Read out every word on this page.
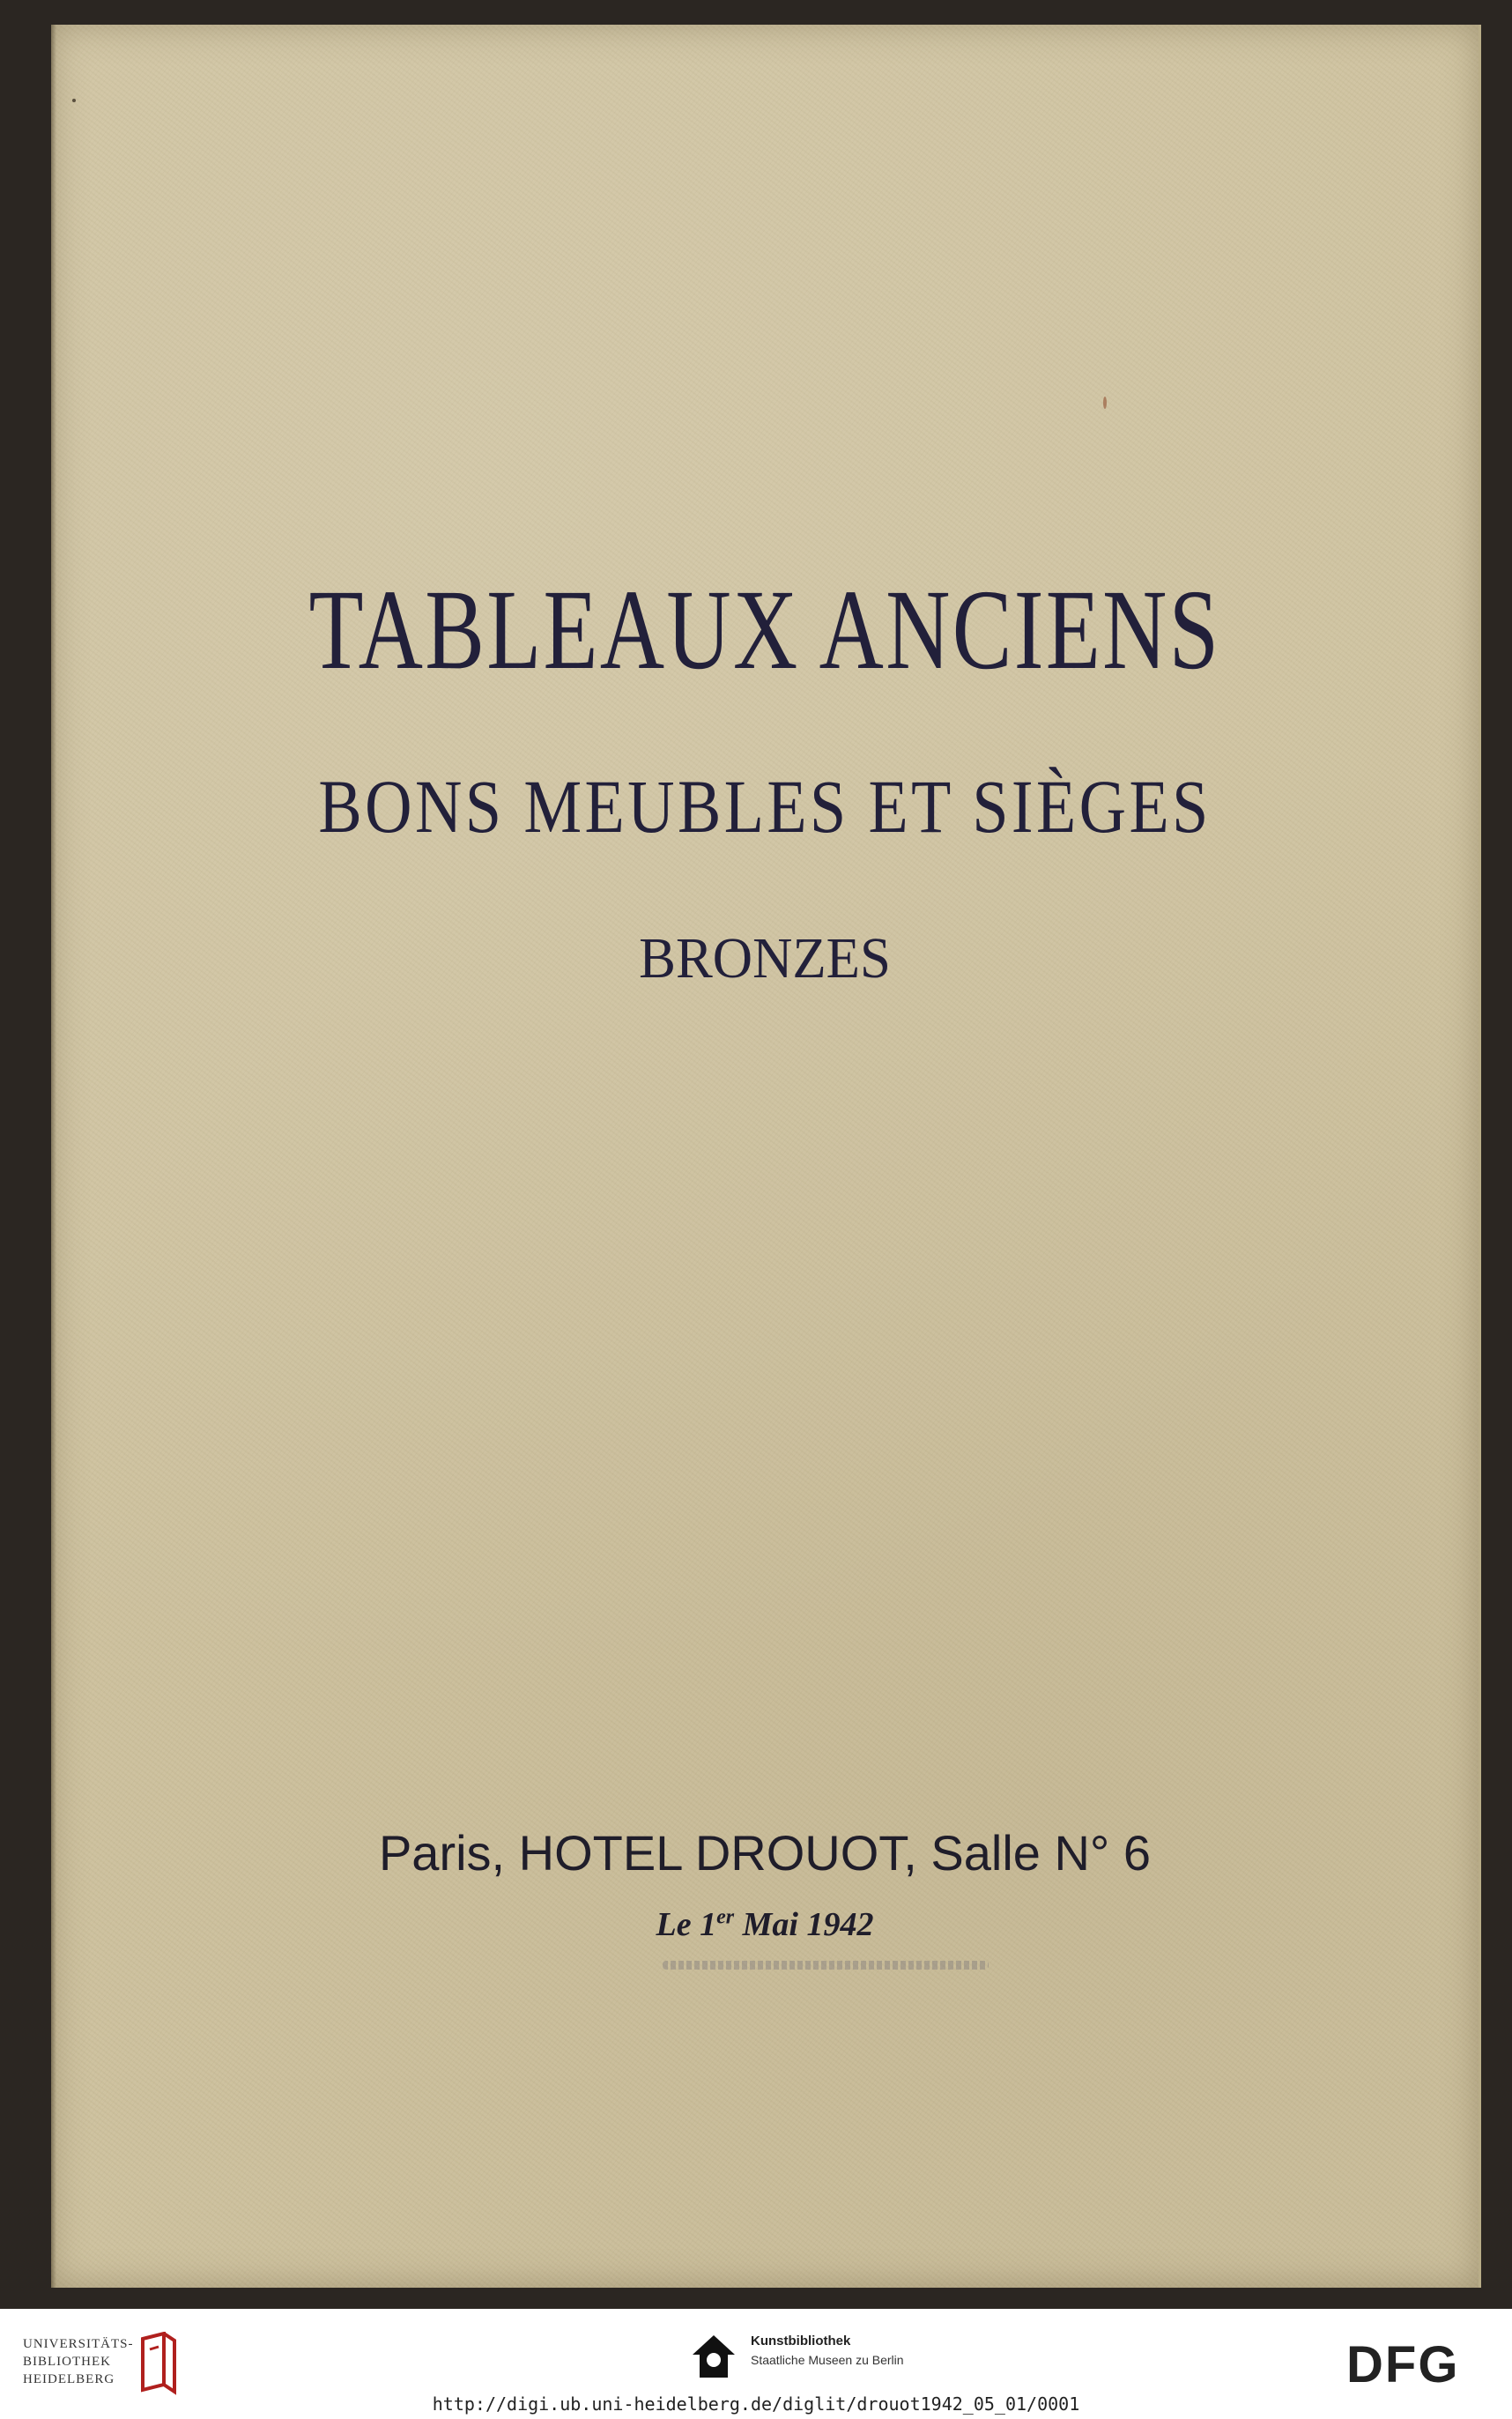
TABLEAUX ANCIENS
BONS MEUBLES ET SIÈGES
BRONZES
Paris, HOTEL DROUOT, Salle N° 6
Le 1er Mai 1942
UNIVERSITÄTS-
BIBLIOTHEK
HEIDELBERG
Kunstbibliothek
Staatliche Museen zu Berlin	DFG
http://digi.ub.uni-heidelberg.de/diglit/drouot1942_05_01/0001
